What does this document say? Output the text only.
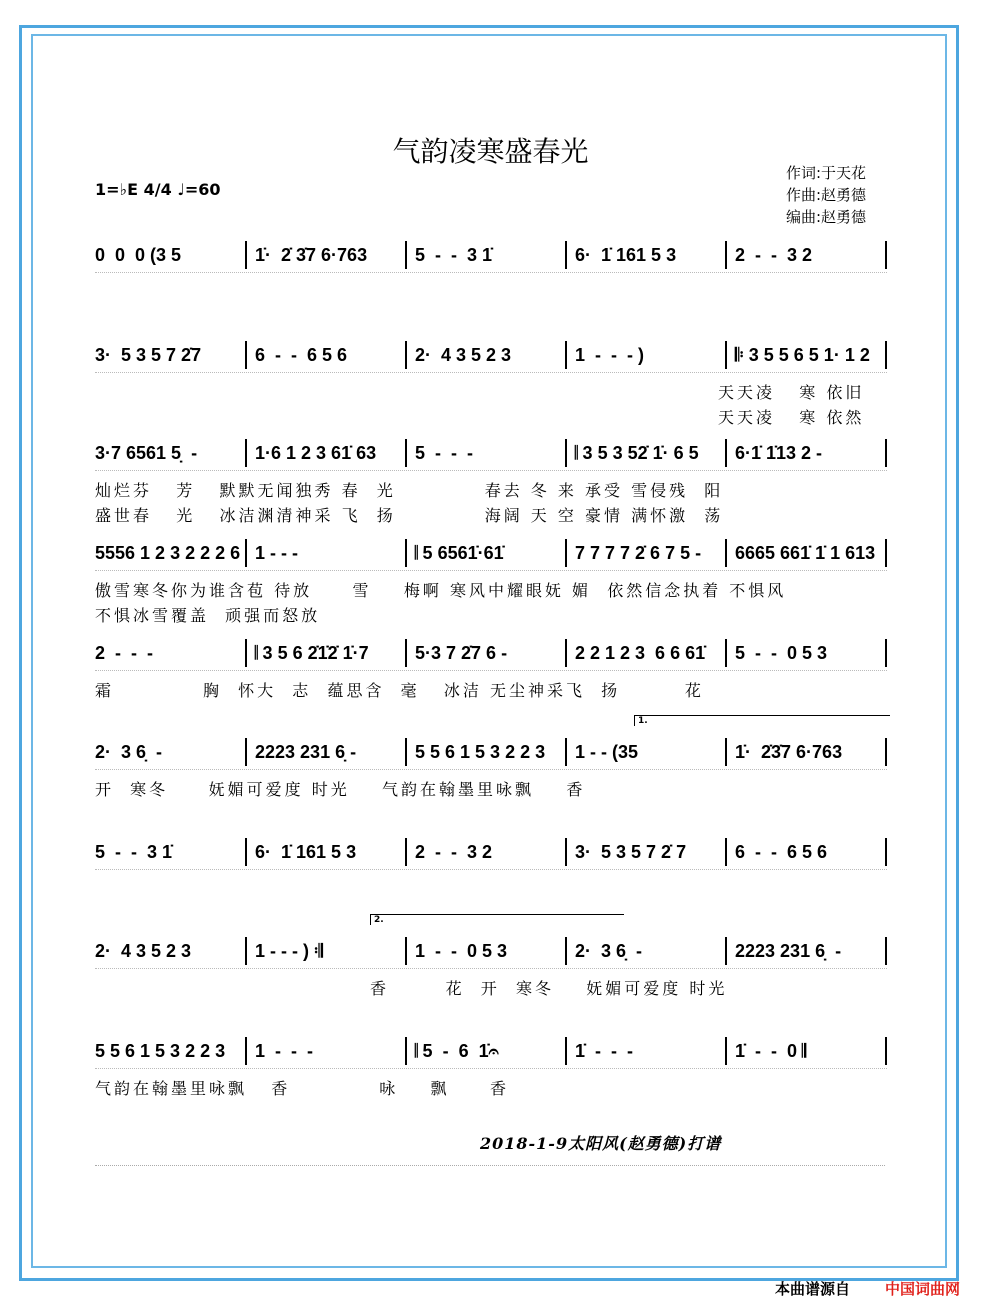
气韵凌寒盛春光
1=♭E 4/4 ♩=60
作词:于天花
作曲:赵勇德
编曲:赵勇德
0  0  0 (3 5	1̇·  2̇ 3̇7 6·763	5  -  -  3 1̇	6·  1̇ 161 5 3	2  -  -  3 2
3·  5 3 5 7 2̇7	6  -  -  6 5 6	2·  4 3 5 2 3	1  -  -  - )	𝄆 3 5 5 6 5 1· 1 2
天天凌   寒 依旧
天天凌   寒 依然
3·7 6561 5̣  -	1·6 1 2 3 61̇ 63	5  -  -  -	𝄁 3 5 3 52̇ 1̇· 6 5	6·1̇ 1̇13 2 -
灿烂芬   芳   默默无闻独秀 春  光           春去 冬 来 承受 雪侵残  阳
盛世春   光   冰洁渊清神采 飞  扬           海阔 天 空 豪情 满怀激  荡
5556 1 2 3 2 2 2 6 1 - - -	𝄁 5 6561̇·61̇	7 7 7 7 2̇ 6 7 5 -	6665 661̇ 1̇ 1 613
傲雪寒冬你为谁含苞 待放     雪    梅啊 寒风中耀眼妩 媚  依然信念执着 不惧风
不惧冰雪覆盖  顽强而怒放
2  -  -  -	𝄁 3 5 6 2̇1̇2̇ 1̇·7	5·3 7 2̇7 6 -	2 2 1 2 3  6 6 61̇	5  -  -  0 5 3
霜           胸  怀大  志  蕴思含  毫   冰洁 无尘神采飞  扬        花
2·  3 6̣  -	2223 231 6̣ -	5 5 6 1 5 3 2 2 3	1 - - (35	1̇·  2̇3̇7 6·763
开  寒冬     妩媚可爱度 时光    气韵在翰墨里咏飘    香
1.
5  -  -  3 1̇	6·  1̇ 161 5 3	2  -  -  3 2	3·  5 3 5 7 2̇ 7	6  -  -  6 5 6
2·  4 3 5 2 3	1 - - - ) 𝄇	1  -  -  0 5 3	2·  3 6̣  -	2223 231 6̣  -
香       花  开  寒冬    妩媚可爱度 时光
2.
5 5 6 1 5 3 2 2 3	1  -  -  -	𝄁 5  -  6  1̇𝄐	1̇  -  -  -	1̇  -  -  0 𝄂
气韵在翰墨里咏飘   香           咏    飘     香
2018-1-9太阳风(赵勇德)打谱
本曲谱源自 中国词曲网
